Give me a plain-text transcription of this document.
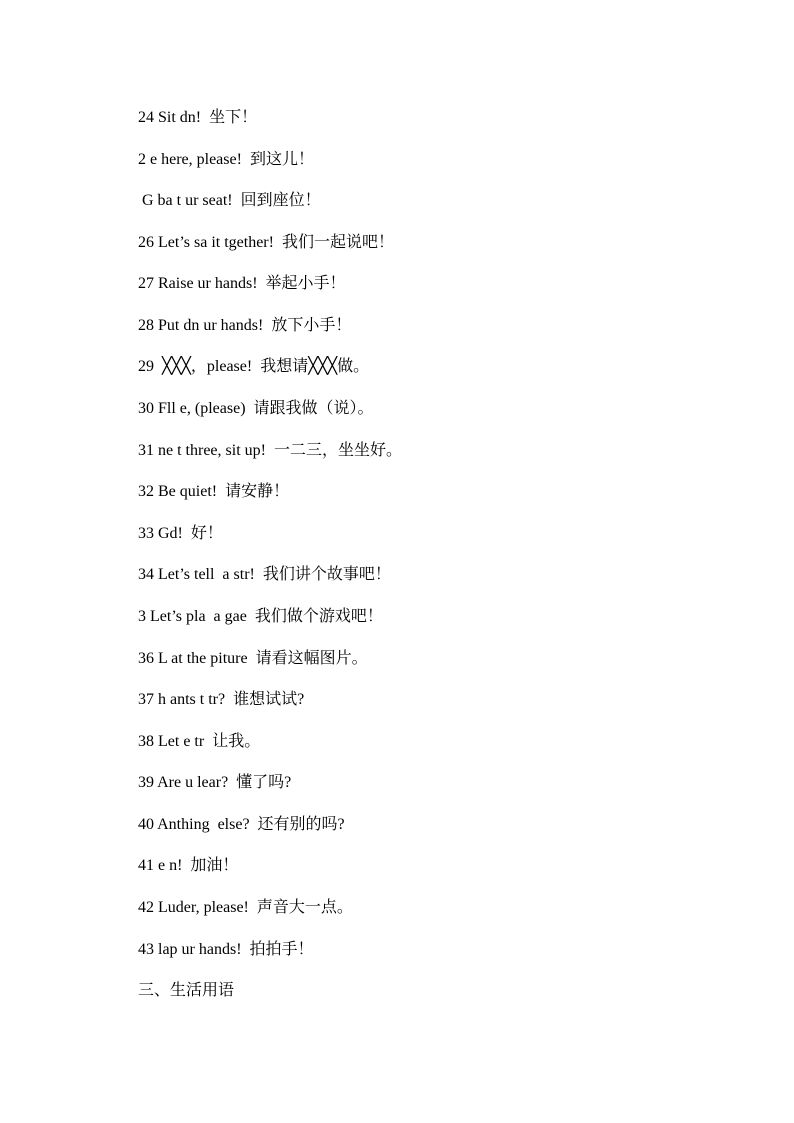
24 Sit dn!  坐下！
2 e here, please!  到这儿！
G ba t ur seat!  回到座位！
26 Let’s sa it tgether!  我们一起说吧！
27 Raise ur hands!  举起小手！
28 Put dn ur hands!  放下小手！
29  ╳╳╳，please!  我想请╳╳╳做。
30 Fll e, (please)  请跟我做（说）。
31 ne t three, sit up!  一二三，坐坐好。
32 Be quiet!  请安静！
33 Gd!  好！
34 Let’s tell  a str!  我们讲个故事吧！
3 Let’s pla  a gae  我们做个游戏吧！
36 L at the piture  请看这幅图片。
37 h ants t tr?  谁想试试?
38 Let e tr  让我。
39 Are u lear?  懂了吗?
40 Anthing  else?  还有别的吗?
41 e n!  加油！
42 Luder, please!  声音大一点。
43 lap ur hands!  拍拍手！
三、生活用语
